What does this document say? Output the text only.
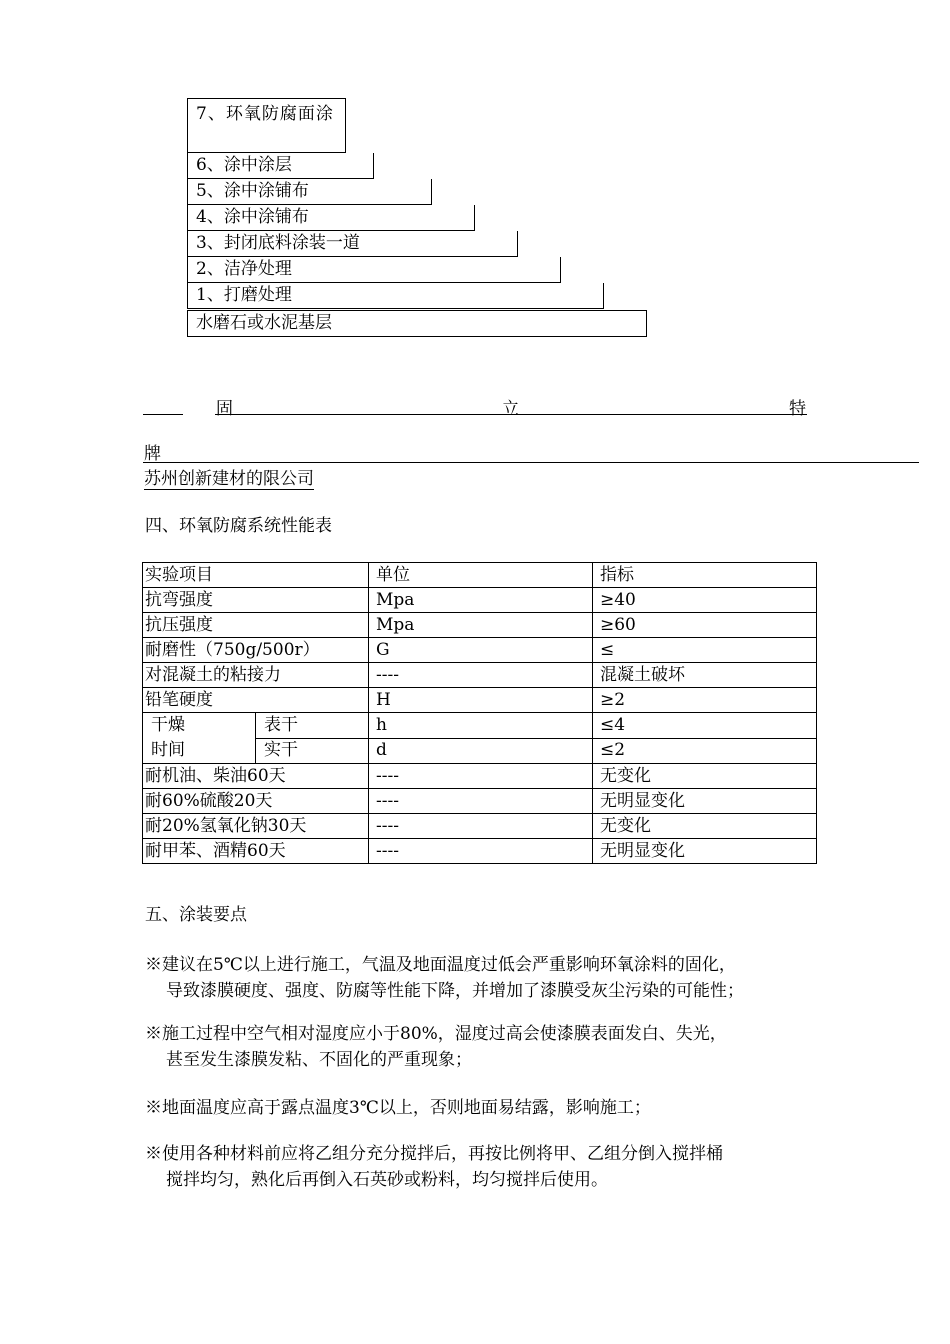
7、环氧防腐面涂
6、涂中涂层
5、涂中涂铺布
4、涂中涂铺布
3、封闭底料涂装一道
2、洁净处理
1、打磨处理
水磨石或水泥基层
固	立	特
牌
苏州创新建材的限公司
四、环氧防腐系统性能表
实验项目		单位	指标
抗弯强度		Mpa	≥40
抗压强度		Mpa	≥60
耐磨性（750g/500r）		G	≤
对混凝土的粘接力		----	混凝土破坏
铅笔硬度		H	≥2

干燥
时间	表干	h	≤4
	实干	d	≤2
耐机油、柴油60天		----	无变化
耐60%硫酸20天		----	无明显变化
耐20%氢氧化钠30天		----	无变化
耐甲苯、酒精60天		----	无明显变化
五、涂装要点
※建议在5℃以上进行施工，气温及地面温度过低会严重影响环氧涂料的固化，
导致漆膜硬度、强度、防腐等性能下降，并增加了漆膜受灰尘污染的可能性；
※施工过程中空气相对湿度应小于80%，湿度过高会使漆膜表面发白、失光，
甚至发生漆膜发粘、不固化的严重现象；
※地面温度应高于露点温度3℃以上，否则地面易结露，影响施工；
※使用各种材料前应将乙组分充分搅拌后，再按比例将甲、乙组分倒入搅拌桶
搅拌均匀，熟化后再倒入石英砂或粉料，均匀搅拌后使用。
